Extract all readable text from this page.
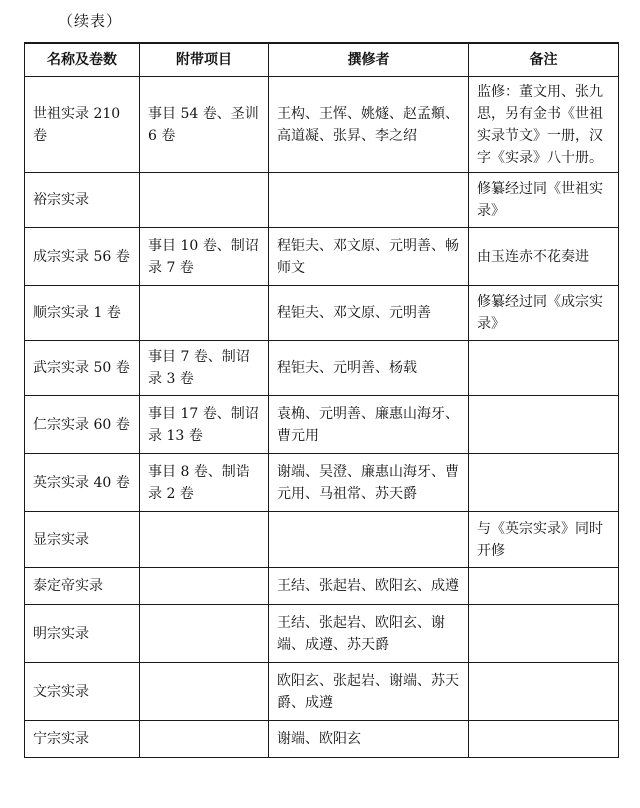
（续表）
名称及卷数	附带项目	撰修者	备注
世祖实录 210 卷	事目 54 卷、圣训 6 卷	王构、王恽、姚燧、赵孟頫、高道凝、张昇、李之绍	监修：董文用、张九思，另有金书《世祖实录节文》一册，汉字《实录》八十册。
裕宗实录			修纂经过同《世祖实录》
成宗实录 56 卷	事目 10 卷、制诏录 7 卷	程钜夫、邓文原、元明善、畅师文	由玉连赤不花奏进
顺宗实录 1 卷		程钜夫、邓文原、元明善	修纂经过同《成宗实录》
武宗实录 50 卷	事目 7 卷、制诏录 3 卷	程钜夫、元明善、杨载	
仁宗实录 60 卷	事目 17 卷、制诏录 13 卷	袁桷、元明善、廉惠山海牙、曹元用	
英宗实录 40 卷	事目 8 卷、制诰录 2 卷	谢端、吴澄、廉惠山海牙、曹元用、马祖常、苏天爵	
显宗实录			与《英宗实录》同时开修
泰定帝实录		王结、张起岩、欧阳玄、成遵	
明宗实录		王结、张起岩、欧阳玄、谢端、成遵、苏天爵	
文宗实录		欧阳玄、张起岩、谢端、苏天爵、成遵	
宁宗实录		谢端、欧阳玄	
